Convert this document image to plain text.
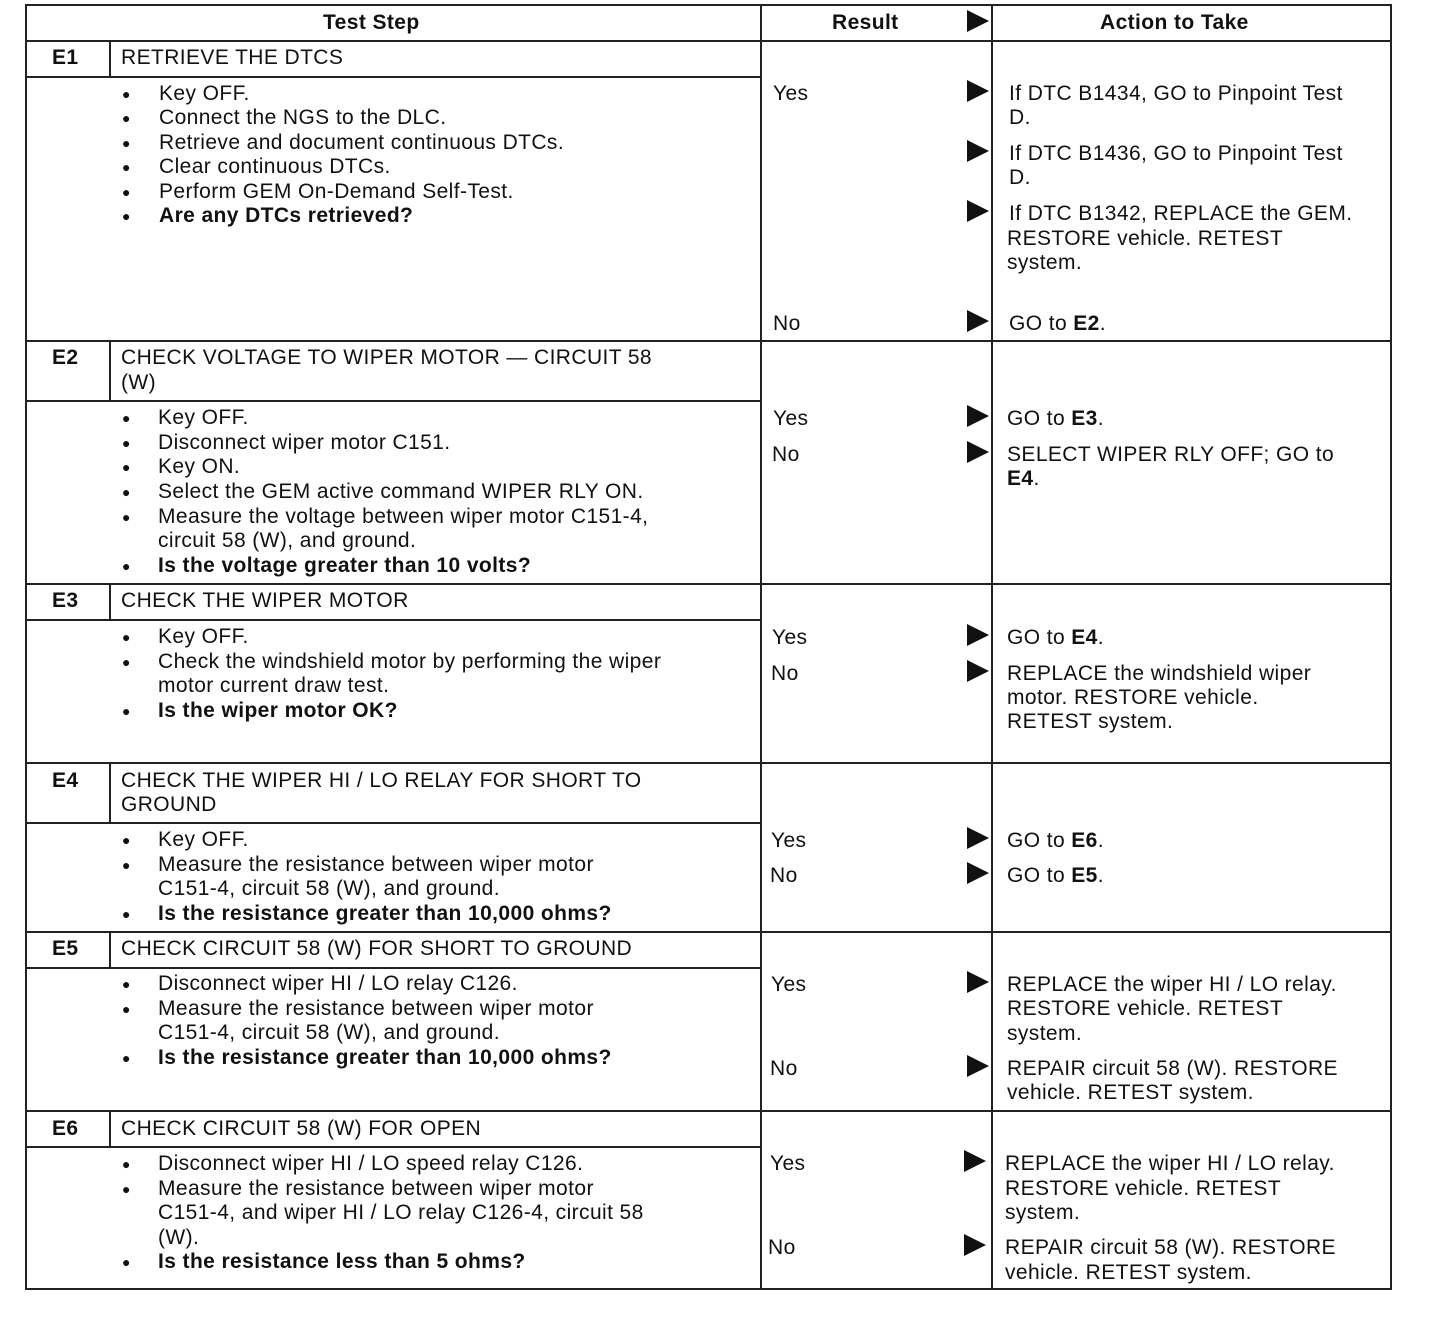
Test Step	Result	Action to Take
E1 RETRIEVE THE DTCS
● Key OFF.
● Connect the NGS to the DLC.
● Retrieve and document continuous DTCs.
● Clear continuous DTCs.
● Perform GEM On-Demand Self-Test.
● Are any DTCs retrieved?
Yes	If DTC B1434, GO to Pinpoint Test
D.
If DTC B1436, GO to Pinpoint Test
D.
If DTC B1342, REPLACE the GEM.
RESTORE vehicle. RETEST
system.
No	GO to E2.
E2 CHECK VOLTAGE TO WIPER MOTOR — CIRCUIT 58
(W)
● Key OFF.
● Disconnect wiper motor C151.
● Key ON.
● Select the GEM active command WIPER RLY ON.
● Measure the voltage between wiper motor C151-4,
circuit 58 (W), and ground.
● Is the voltage greater than 10 volts?
Yes	GO to E3.
No	SELECT WIPER RLY OFF; GO to
E4.
E3 CHECK THE WIPER MOTOR
● Key OFF.
● Check the windshield motor by performing the wiper
motor current draw test.
● Is the wiper motor OK?
Yes	GO to E4.
No	REPLACE the windshield wiper
motor. RESTORE vehicle.
RETEST system.
E4 CHECK THE WIPER HI / LO RELAY FOR SHORT TO
GROUND
● Key OFF.
● Measure the resistance between wiper motor
C151-4, circuit 58 (W), and ground.
● Is the resistance greater than 10,000 ohms?
Yes	GO to E6.
No	GO to E5.
E5 CHECK CIRCUIT 58 (W) FOR SHORT TO GROUND
● Disconnect wiper HI / LO relay C126.
● Measure the resistance between wiper motor
C151-4, circuit 58 (W), and ground.
● Is the resistance greater than 10,000 ohms?
Yes	REPLACE the wiper HI / LO relay.
RESTORE vehicle. RETEST
system.
No	REPAIR circuit 58 (W). RESTORE
vehicle. RETEST system.
E6 CHECK CIRCUIT 58 (W) FOR OPEN
● Disconnect wiper HI / LO speed relay C126.
● Measure the resistance between wiper motor
C151-4, and wiper HI / LO relay C126-4, circuit 58
(W).
● Is the resistance less than 5 ohms?
Yes	REPLACE the wiper HI / LO relay.
RESTORE vehicle. RETEST
system.
No	REPAIR circuit 58 (W). RESTORE
vehicle. RETEST system.
